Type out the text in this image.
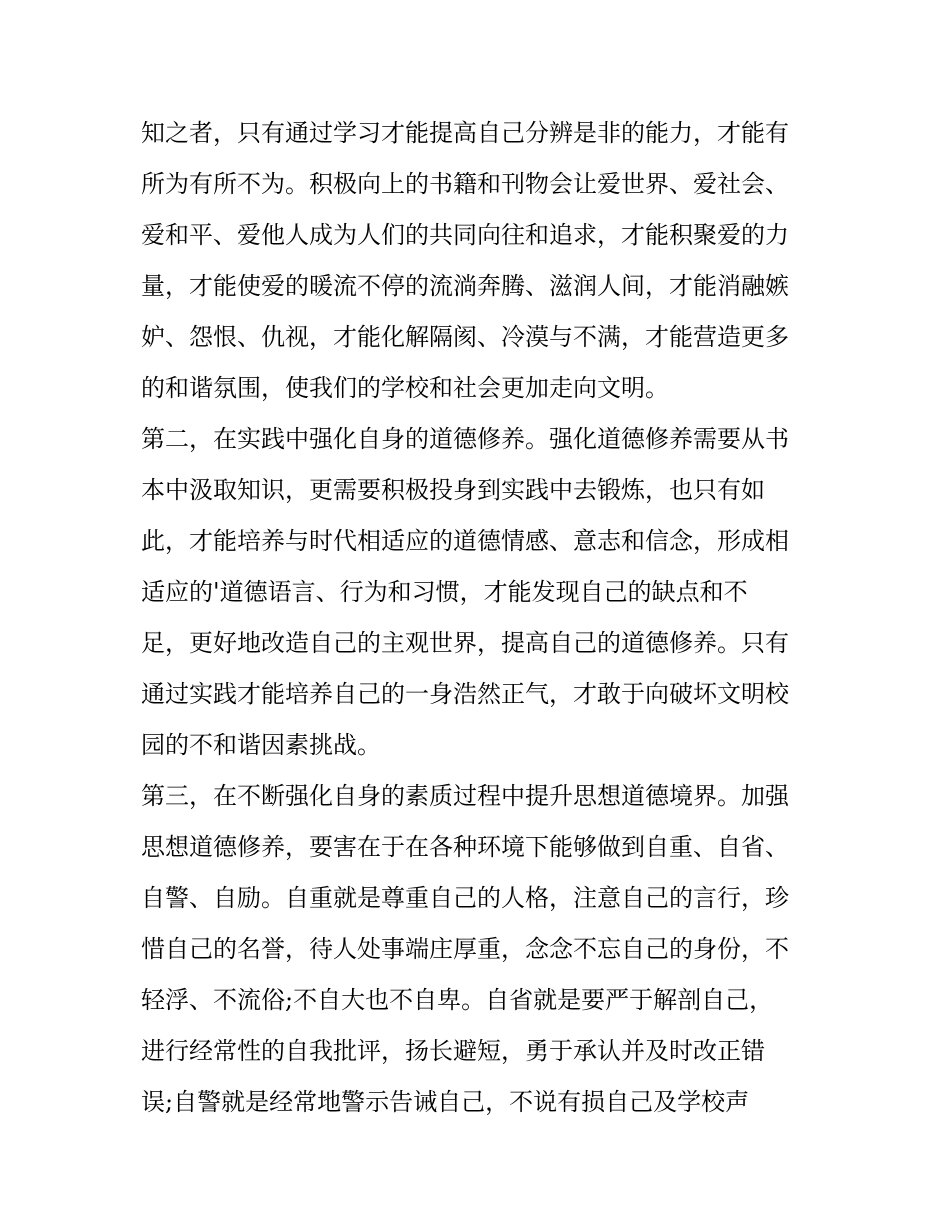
知之者，只有通过学习才能提高自己分辨是非的能力，才能有
所为有所不为。积极向上的书籍和刊物会让爱世界、爱社会、
爱和平、爱他人成为人们的共同向往和追求，才能积聚爱的力
量，才能使爱的暖流不停的流淌奔腾、滋润人间，才能消融嫉
妒、怨恨、仇视，才能化解隔阂、冷漠与不满，才能营造更多
的和谐氛围，使我们的学校和社会更加走向文明。
第二，在实践中强化自身的道德修养。强化道德修养需要从书
本中汲取知识，更需要积极投身到实践中去锻炼，也只有如
此，才能培养与时代相适应的道德情感、意志和信念，形成相
适应的'道德语言、行为和习惯，才能发现自己的缺点和不
足，更好地改造自己的主观世界，提高自己的道德修养。只有
通过实践才能培养自己的一身浩然正气，才敢于向破坏文明校
园的不和谐因素挑战。
第三，在不断强化自身的素质过程中提升思想道德境界。加强
思想道德修养，要害在于在各种环境下能够做到自重、自省、
自警、自励。自重就是尊重自己的人格，注意自己的言行，珍
惜自己的名誉，待人处事端庄厚重，念念不忘自己的身份，不
轻浮、不流俗;不自大也不自卑。自省就是要严于解剖自己，
进行经常性的自我批评，扬长避短，勇于承认并及时改正错
误;自警就是经常地警示告诫自己，不说有损自己及学校声
